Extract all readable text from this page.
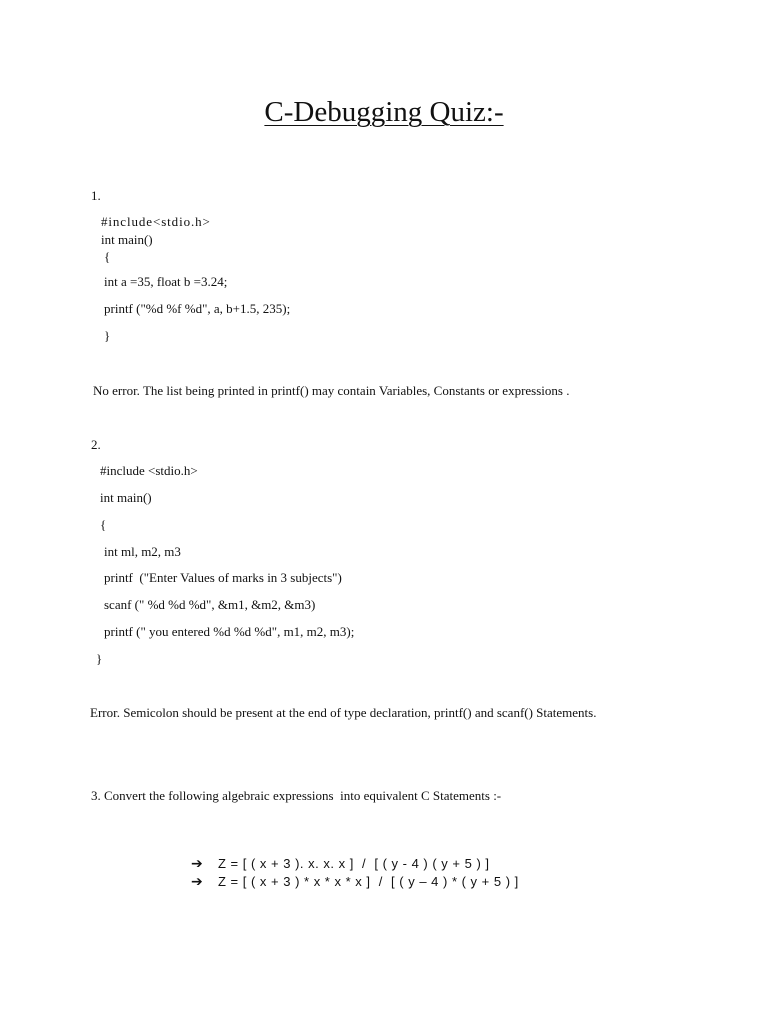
C-Debugging Quiz:-
1.
#include<stdio.h>
int main()
{
int a =35, float b =3.24;
printf ("%d %f %d", a, b+1.5, 235);
}
No error. The list being printed in printf() may contain Variables, Constants or expressions .
2.
#include <stdio.h>
int main()
{
int ml, m2, m3
printf  ("Enter Values of marks in 3 subjects")
scanf (" %d %d %d", &m1, &m2, &m3)
printf (" you entered %d %d %d", m1, m2, m3);
}
Error. Semicolon should be present at the end of type declaration, printf() and scanf() Statements.
3. Convert the following algebraic expressions  into equivalent C Statements :-
➔ Z = [ ( x + 3 ). x. x. x ]  /  [ ( y - 4 ) ( y + 5 ) ]
➔ Z = [ ( x + 3 ) * x * x * x ]  /  [ ( y – 4 ) * ( y + 5 ) ]
